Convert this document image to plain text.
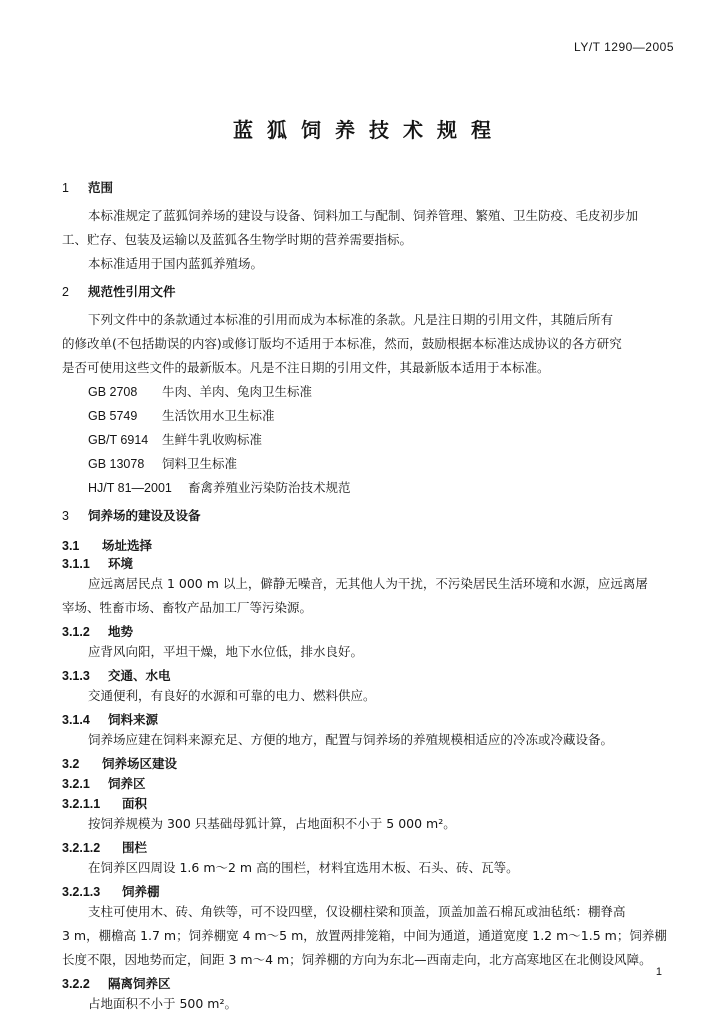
LY/T 1290—2005
蓝狐饲养技术规程
1 范围
本标准规定了蓝狐饲养场的建设与设备、饲料加工与配制、饲养管理、繁殖、卫生防疫、毛皮初步加
工、贮存、包装及运输以及蓝狐各生物学时期的营养需要指标。
本标准适用于国内蓝狐养殖场。
2 规范性引用文件
下列文件中的条款通过本标准的引用而成为本标准的条款。凡是注日期的引用文件，其随后所有
的修改单(不包括勘误的内容)或修订版均不适用于本标准，然而，鼓励根据本标准达成协议的各方研究
是否可使用这些文件的最新版本。凡是不注日期的引用文件，其最新版本适用于本标准。
GB 2708 牛肉、羊肉、兔肉卫生标准
GB 5749 生活饮用水卫生标准
GB/T 6914 生鲜牛乳收购标准
GB 13078 饲料卫生标准
HJ/T 81—2001 畜禽养殖业污染防治技术规范
3 饲养场的建设及设备
3.1 场址选择
3.1.1 环境
应远离居民点 1 000 m 以上，僻静无噪音，无其他人为干扰，不污染居民生活环境和水源，应远离屠
宰场、牲畜市场、畜牧产品加工厂等污染源。
3.1.2 地势
应背风向阳，平坦干燥，地下水位低，排水良好。
3.1.3 交通、水电
交通便利，有良好的水源和可靠的电力、燃料供应。
3.1.4 饲料来源
饲养场应建在饲料来源充足、方便的地方，配置与饲养场的养殖规模相适应的冷冻或冷藏设备。
3.2 饲养场区建设
3.2.1 饲养区
3.2.1.1 面积
按饲养规模为 300 只基础母狐计算，占地面积不小于 5 000 m²。
3.2.1.2 围栏
在饲养区四周设 1.6 m～2 m 高的围栏，材料宜选用木板、石头、砖、瓦等。
3.2.1.3 饲养棚
支柱可使用木、砖、角铁等，可不设四壁，仅设棚柱梁和顶盖，顶盖加盖石棉瓦或油毡纸：棚脊高
3 m，棚檐高 1.7 m；饲养棚宽 4 m～5 m，放置两排笼箱，中间为通道，通道宽度 1.2 m～1.5 m；饲养棚
长度不限，因地势而定，间距 3 m～4 m；饲养棚的方向为东北—西南走向，北方高寒地区在北侧设风障。
3.2.2 隔离饲养区
占地面积不小于 500 m²。
1
